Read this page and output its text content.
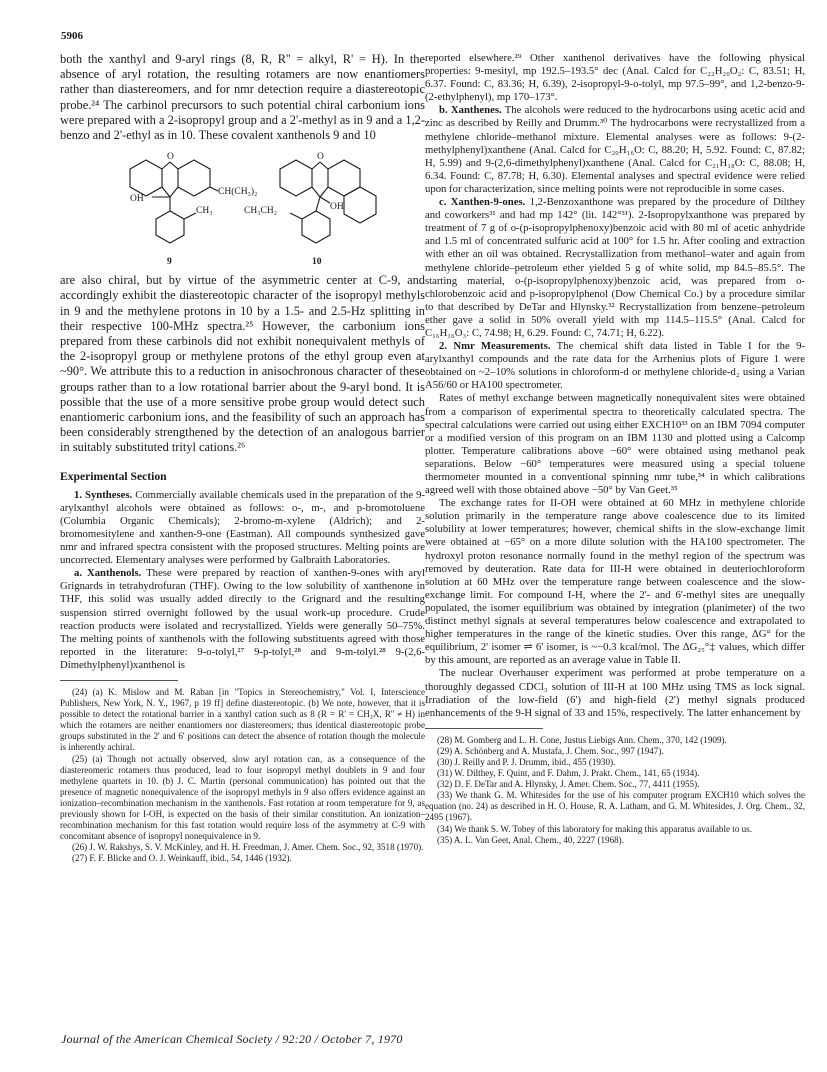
5906

both the xanthyl and 9-aryl rings (8, R, R'' = alkyl, R' = H). In the absence of aryl rotation, the resulting rotamers are now enantiomers rather than diastereomers, and for nmr detection require a diastereotopic probe.²⁴ The carbinol precursors to such potential chiral carbonium ions were prepared with a 2-isopropyl group and a 2'-methyl as in 9 and a 1,2-benzo and 2'-ethyl as in 10. These covalent xanthenols 9 and 10

O
OH
CH₃
CH(CH₃)₂
9
O
CH₃CH₂	OH
10

are also chiral, but by virtue of the asymmetric center at C-9, and accordingly exhibit the diastereotopic character of the isopropyl methyls in 9 and the methylene protons in 10 by a 1.5- and 2.5-Hz splitting in their respective 100-MHz spectra.²⁵ However, the carbonium ions prepared from these carbinols did not exhibit nonequivalent methyls of the 2-isopropyl group or methylene protons of the ethyl group even at ~90°. We attribute this to a reduction in anisochronous character of these groups rather than to a low rotational barrier about the 9-aryl bond. It is possible that the use of a more sensitive probe group would detect such enantiomeric carbonium ions, and the feasibility of such an approach has been considerably strengthened by the detection of an analogous barrier in suitably substituted trityl cations.²⁶

Experimental Section

1. Syntheses. Commercially available chemicals used in the preparation of the 9-arylxanthyl alcohols were obtained as follows: o-, m-, and p-bromotoluene (Columbia Organic Chemicals); 2-bromo-m-xylene (Aldrich); and 2-bromomesitylene and xanthen-9-one (Eastman). All compounds synthesized gave nmr and infrared spectra consistent with the proposed structures. Melting points are uncorrected. Elementary analyses were performed by Galbraith Laboratories.

a. Xanthenols. These were prepared by reaction of xanthen-9-ones with aryl Grignards in tetrahydrofuran (THF). Owing to the low solubility of xanthenone in THF, this solid was usually added directly to the Grignard and the resulting suspension stirred overnight followed by the usual work-up procedure. Crude reaction products were isolated and recrystallized. Yields were generally 50–75%. The melting points of xanthenols with the following substituents agreed with those reported in the literature: 9-o-tolyl,²⁷ 9-p-tolyl,²⁸ and 9-m-tolyl.²⁸ 9-(2,6-Dimethylphenyl)xanthenol is

(24) (a) K. Mislow and M. Raban [in "Topics in Stereochemistry," Vol. I, Interscience Publishers, New York, N. Y., 1967, p 19 ff] define diastereotopic. (b) We note, however, that it is possible to detect the rotational barrier in a xanthyl cation such as 8 (R = R' = CH₃X, R'' ≠ H) in which the rotamers are neither enantiomers nor diastereomers; thus identical diastereotopic probe groups substituted in the 2' and 6' positions can detect the absence of rotation though the molecule is inherently achiral.

(25) (a) Though not actually observed, slow aryl rotation can, as a consequence of the diastereomeric rotamers thus produced, lead to four isopropyl methyl doublets in 9 and four methylene quartets in 10. (b) J. C. Martin (personal communication) has pointed out that the presence of magnetic nonequivalence of the isopropyl methyls in 9 also offers evidence against an ionization–recombination mechanism in the xanthenols. Fast rotation at room temperature for 9, as previously shown for I-OH, is expected on the basis of their similar constitution. An ionization–recombination mechanism for this fast rotation would require loss of the asymmetry at C-9 with concomitant absence of isopropyl nonequivalence in 9.

(26) J. W. Rakshys, S. V. McKinley, and H. H. Freedman, J. Amer. Chem. Soc., 92, 3518 (1970).

(27) F. F. Blicke and O. J. Weinkauff, ibid., 54, 1446 (1932).

reported elsewhere.²⁹ Other xanthenol derivatives have the following physical properties: 9-mesityl, mp 192.5–193.5° dec (Anal. Calcd for C₂₂H₂₀O₂: C, 83.51; H, 6.37. Found: C, 83.36; H, 6.39), 2-isopropyl-9-o-tolyl, mp 97.5–99°, and 1,2-benzo-9-(2-ethylphenyl), mp 170–173°.

b. Xanthenes. The alcohols were reduced to the hydrocarbons using acetic acid and zinc as described by Reilly and Drumm.³⁰ The hydrocarbons were recrystallized from a methylene chloride–methanol mixture. Elemental analyses were as follows: 9-(2-methylphenyl)xanthene (Anal. Calcd for C₂₀H₁₆O: C, 88.20; H, 5.92. Found: C, 87.82; H, 5.99) and 9-(2,6-dimethylphenyl)xanthene (Anal. Calcd for C₂₁H₁₈O: C, 88.08; H, 6.34. Found: C, 87.78; H, 6.30). Elemental analyses and spectral evidence were relied upon for characterization, since melting points were not reproducible in some cases.

c. Xanthen-9-ones. 1,2-Benzoxanthone was prepared by the procedure of Dilthey and coworkers³¹ and had mp 142° (lit. 142°³¹). 2-Isopropylxanthone was prepared by treatment of 7 g of o-(p-isopropylphenoxy)benzoic acid with 80 ml of acetic anhydride and 1.5 ml of concentrated sulfuric acid at 100° for 1.5 hr. After cooling and extraction with ether an oil was obtained. Recrystallization from methanol–water and again from methylene chloride–petroleum ether yielded 5 g of white solid, mp 84.5–85.5°. The starting material, o-(p-isopropylphenoxy)benzoic acid, was prepared from o-chlorobenzoic acid and p-isopropylphenol (Dow Chemical Co.) by a procedure similar to that described by DeTar and Hlynsky.³² Recrystallization from benzene–petroleum ether gave a solid in 50% overall yield with mp 114.5–115.5° (Anal. Calcd for C₁₆H₁₆O₃: C, 74.98; H, 6.29. Found: C, 74.71; H, 6.22).

2. Nmr Measurements. The chemical shift data listed in Table I for the 9-arylxanthyl compounds and the rate data for the Arrhenius plots of Figure 1 were obtained on ~2–10% solutions in chloroform-d or methylene chloride-d₂ using a Varian A56/60 or HA100 spectrometer.

Rates of methyl exchange between magnetically nonequivalent sites were obtained from a comparison of experimental spectra to theoretically calculated spectra. The spectral calculations were carried out using either EXCH10³³ on an IBM 7094 computer or a modified version of this program on an IBM 1130 and plotted using a Calcomp plotter. Temperature calibrations above −60° were obtained using methanol peak separations. Below −60° temperatures were measured using a special toluene thermometer mounted in a conventional spinning nmr tube,³⁴ in which calibrations agreed well with those obtained above −50° by Van Geet.³⁵

The exchange rates for II-OH were obtained at 60 MHz in methylene chloride solution primarily in the temperature range above coalescence due to its limited solubility at lower temperatures; however, chemical shifts in the slow-exchange limit were obtained at −65° on a more dilute solution with the HA100 spectrometer. The hydroxyl proton resonance normally found in the methyl region of the spectrum was removed by deuteration. Rate data for III-H were obtained in deuteriochloroform solution at 60 MHz over the temperature range between coalescence and the slow-exchange limit. For compound I-H, where the 2'- and 6'-methyl sites are unequally populated, the isomer equilibrium was obtained by integration (planimeter) of the two distinct methyl signals at several temperatures below coalescence and extrapolated to higher temperatures in the range of the kinetic studies. Over this range, ΔG° for the equilibrium, 2' isomer ⇌ 6' isomer, is ~−0.3 kcal/mol. The ΔG₂₅°‡ values, which differ by this amount, are reported as an average value in Table II.

The nuclear Overhauser experiment was performed at probe temperature on a thoroughly degassed CDCl₃ solution of III-H at 100 MHz using TMS as lock signal. Irradiation of the low-field (6') and high-field (2') methyl signals produced enhancements of the 9-H signal of 33 and 15%, respectively. The latter enhancement by

(28) M. Gomberg and L. H. Cone, Justus Liebigs Ann. Chem., 370, 142 (1909).

(29) A. Schönberg and A. Mustafa, J. Chem. Soc., 997 (1947).

(30) J. Reilly and P. J. Drumm, ibid., 455 (1930).

(31) W. Dilthey, F. Quint, and F. Dahm, J. Prakt. Chem., 141, 65 (1934).

(32) D. F. DeTar and A. Hlynsky, J. Amer. Chem. Soc., 77, 4411 (1955).

(33) We thank G. M. Whitesides for the use of his computer program EXCH10 which solves the equation (no. 24) as described in H. O. House, R. A. Latham, and G. M. Whitesides, J. Org. Chem., 32, 2495 (1967).

(34) We thank S. W. Tobey of this laboratory for making this apparatus available to us.

(35) A. L. Van Geet, Anal. Chem., 40, 2227 (1968).

Journal of the American Chemical Society / 92:20 / October 7, 1970
